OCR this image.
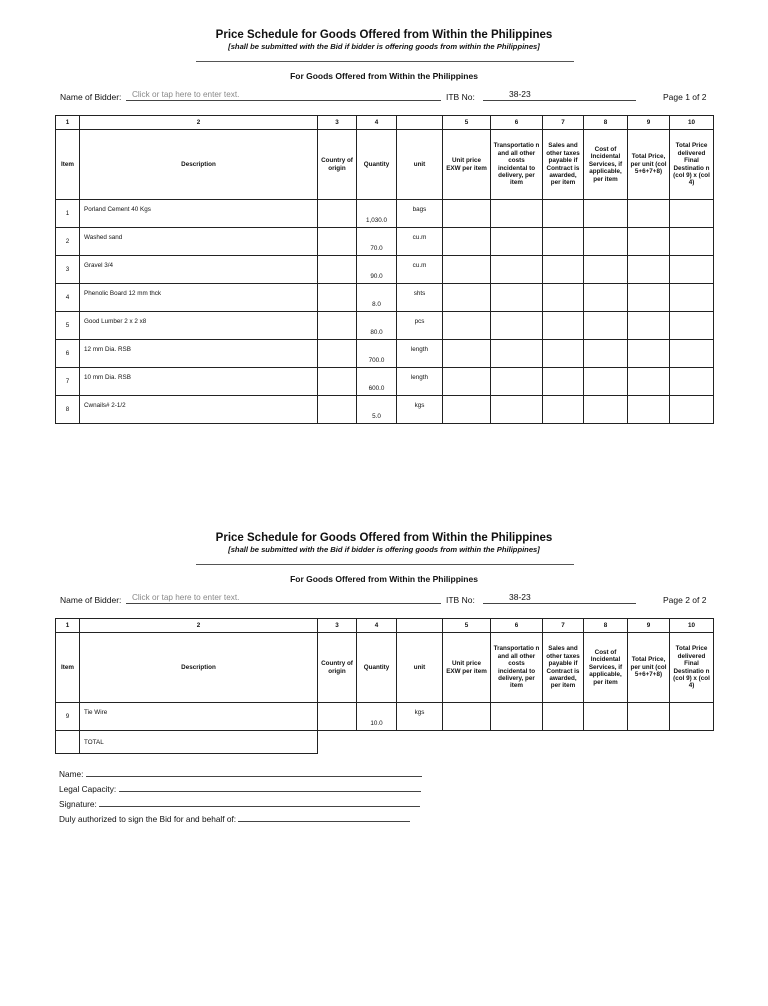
Price Schedule for Goods Offered from Within the Philippines
[shall be submitted with the Bid if bidder is offering goods from within the Philippines]
For Goods Offered from Within the Philippines
Name of Bidder:	Click or tap here to enter text.	ITB No:	38-23	Page 1 of 2
1	2	3	4		5	6	7	8	9	10
Item	Description	Country of origin	Quantity	unit	Unit price EXW per item	Transportatio n and all other costs incidental to delivery, per item	Sales and other taxes payable if Contract is awarded, per item	Cost of Incidental Services, if applicable, per item	Total Price, per unit (col 5+6+7+8)	Total Price delivered Final Destinatio n (col 9) x (col 4)
1	Porland Cement 40 Kgs		1,030.0	bags						
2	Washed sand		70.0	cu.m						
3	Gravel 3/4		90.0	cu.m						
4	Phenolic Board 12 mm thck		8.0	shts						
5	Good Lumber 2 x 2 x8		80.0	pcs						
6	12 mm Dia. RSB		700.0	length						
7	10 mm Dia. RSB		600.0	length						
8	Cwnails# 2-1/2		5.0	kgs						
Price Schedule for Goods Offered from Within the Philippines
[shall be submitted with the Bid if bidder is offering goods from within the Philippines]
For Goods Offered from Within the Philippines
Name of Bidder:	Click or tap here to enter text.	ITB No:	38-23	Page 2 of 2
1	2	3	4		5	6	7	8	9	10
Item	Description	Country of origin	Quantity	unit	Unit price EXW per item	Transportatio n and all other costs incidental to delivery, per item	Sales and other taxes payable if Contract is awarded, per item	Cost of Incidental Services, if applicable, per item	Total Price, per unit (col 5+6+7+8)	Total Price delivered Final Destinatio n (col 9) x (col 4)
9	Tie Wire		10.0	kgs						
	TOTAL									
Name:
Legal Capacity:
Signature:
Duly authorized to sign the Bid for and behalf of:
